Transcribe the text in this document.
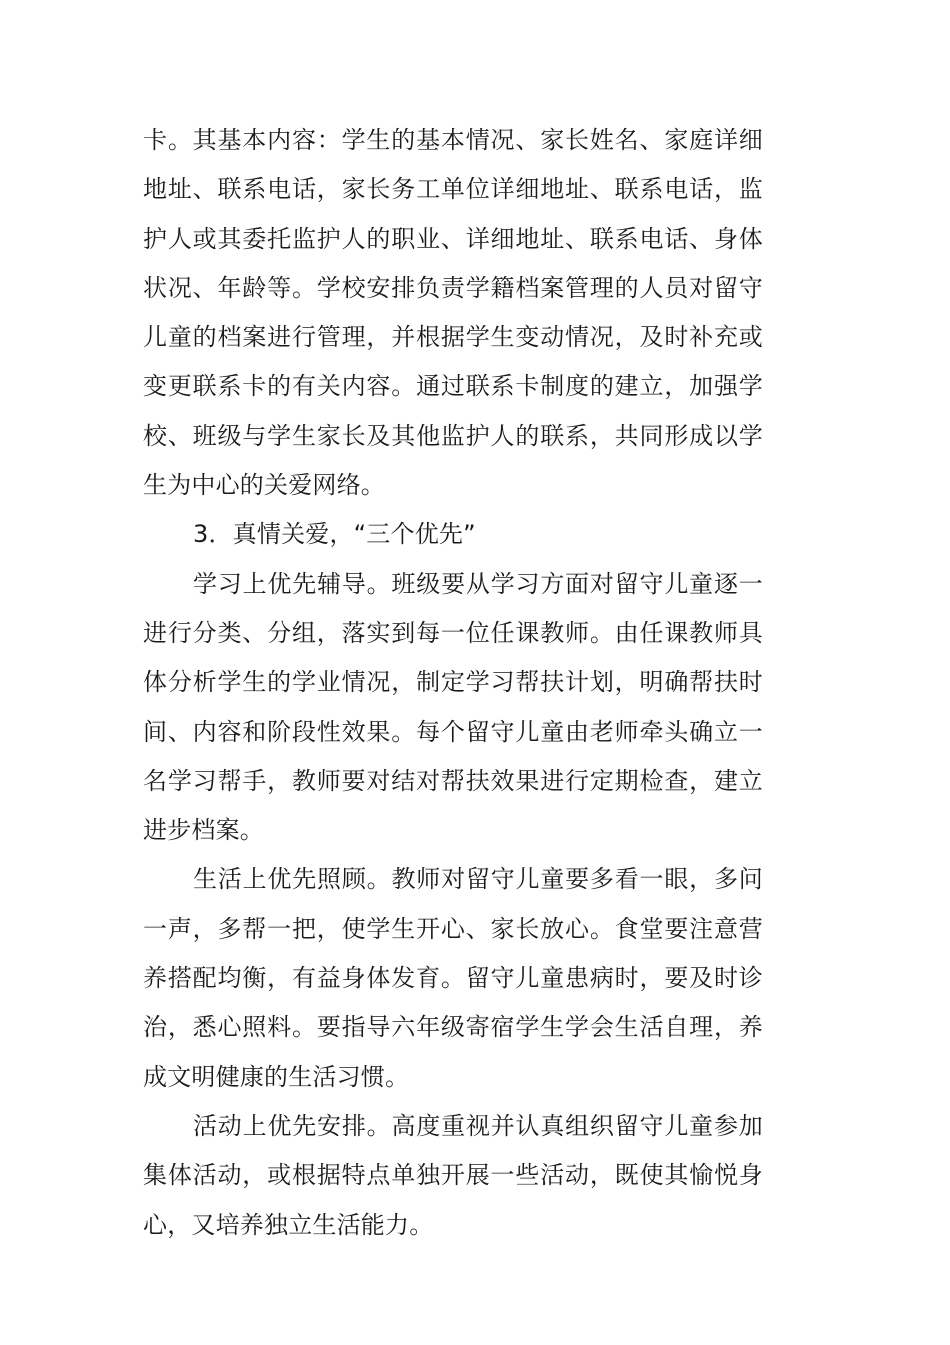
卡。其基本内容：学生的基本情况、家长姓名、家庭详细地址、联系电话，家长务工单位详细地址、联系电话，监护人或其委托监护人的职业、详细地址、联系电话、身体状况、年龄等。学校安排负责学籍档案管理的人员对留守儿童的档案进行管理，并根据学生变动情况，及时补充或变更联系卡的有关内容。通过联系卡制度的建立，加强学校、班级与学生家长及其他监护人的联系，共同形成以学生为中心的关爱网络。

3．真情关爱，“三个优先”

学习上优先辅导。班级要从学习方面对留守儿童逐一进行分类、分组，落实到每一位任课教师。由任课教师具体分析学生的学业情况，制定学习帮扶计划，明确帮扶时间、内容和阶段性效果。每个留守儿童由老师牵头确立一名学习帮手，教师要对结对帮扶效果进行定期检查，建立进步档案。

生活上优先照顾。教师对留守儿童要多看一眼，多问一声，多帮一把，使学生开心、家长放心。食堂要注意营养搭配均衡，有益身体发育。留守儿童患病时，要及时诊治，悉心照料。要指导六年级寄宿学生学会生活自理，养成文明健康的生活习惯。

活动上优先安排。高度重视并认真组织留守儿童参加集体活动，或根据特点单独开展一些活动，既使其愉悦身心，又培养独立生活能力。
